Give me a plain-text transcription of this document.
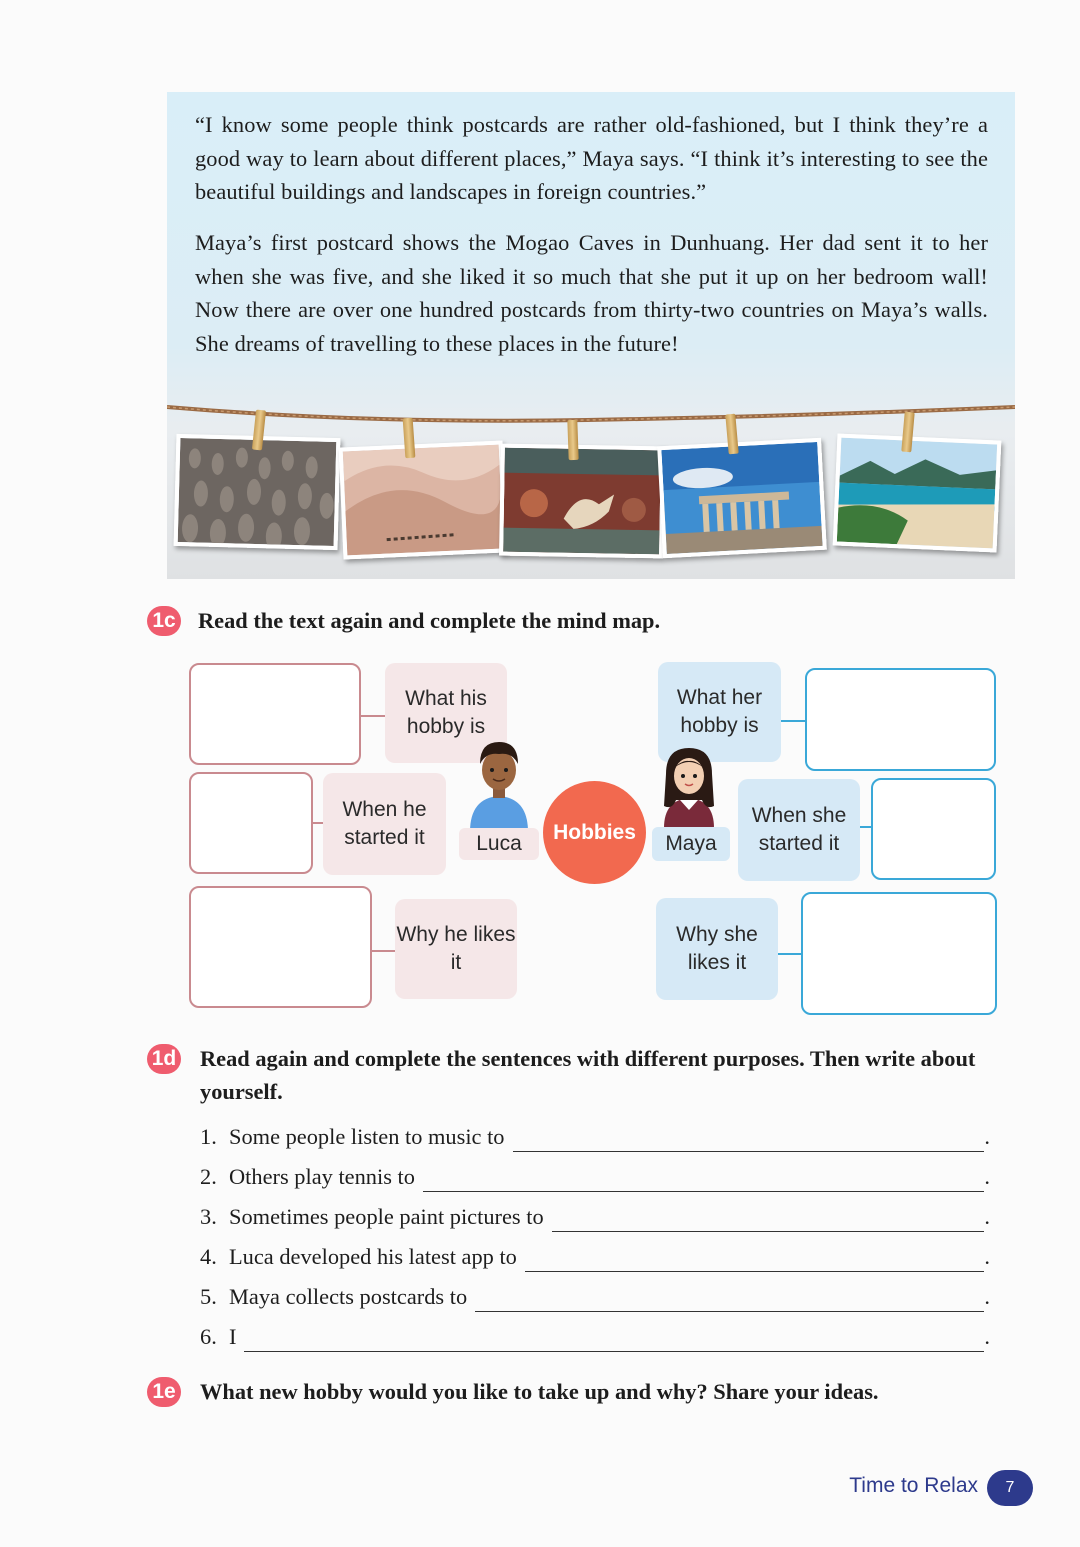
“I know some people think postcards are rather old-fashioned, but I think they’re a good way to learn about different places,” Maya says. “I think it’s interesting to see the beautiful buildings and landscapes in foreign countries.”

Maya’s first postcard shows the Mogao Caves in Dunhuang. Her dad sent it to her when she was five, and she liked it so much that she put it up on her bedroom wall! Now there are over one hundred postcards from thirty-two countries on Maya’s walls. She dreams of travelling to these places in the future!

1c Read the text again and complete the mind map.
What his hobby is
When he started it
Why he likes it
What her hobby is
When she started it
Why she likes it
Luca	Maya
Hobbies
1d Read again and complete the sentences with different purposes. Then write about yourself.
1. Some people listen to music to	.
2. Others play tennis to	.
3. Sometimes people paint pictures to	.
4. Luca developed his latest app to	.
5. Maya collects postcards to	.
6. I	.
1e What new hobby would you like to take up and why? Share your ideas.
Time to Relax	7
